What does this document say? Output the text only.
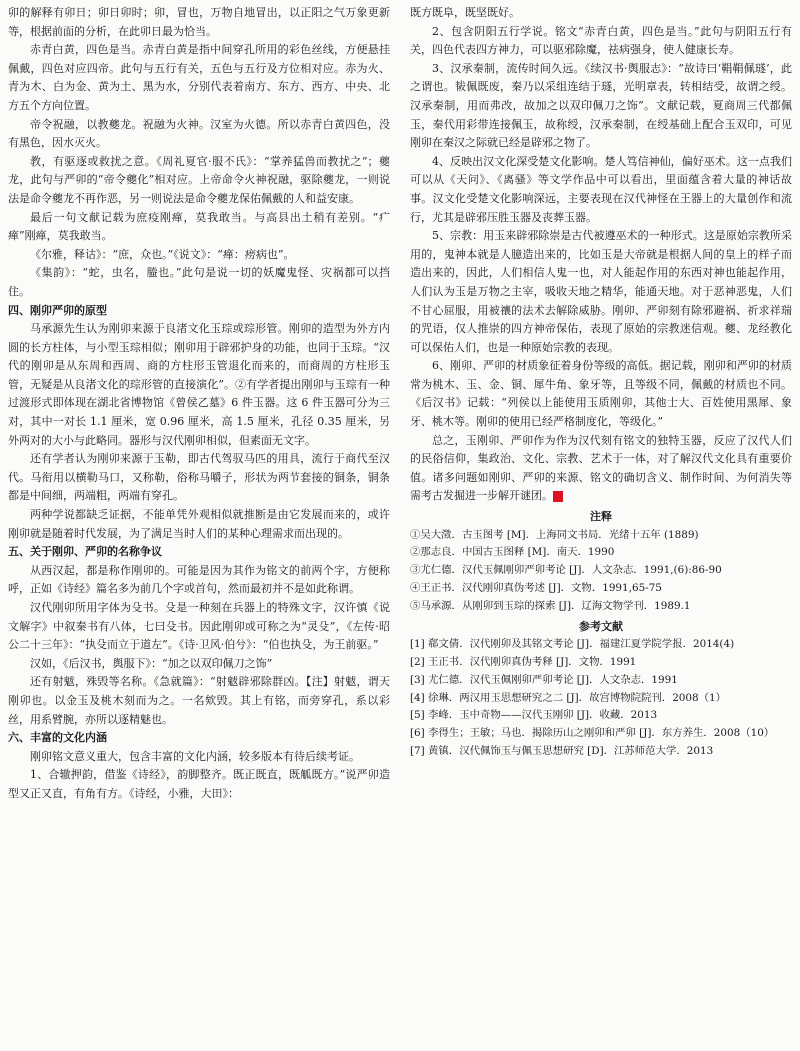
卯的解释有卯日；卯日卯时；卯，冒也，万物自地冒出，以正阳之气万象更新等，根据前面的分析，在此卯日最为恰当。

赤青白黄，四色是当。赤青白黄是指中间穿孔所用的彩色丝线，方便悬挂佩戴，四色对应四帝。此句与五行有关，五色与五行及方位相对应。赤为火、青为木、白为金、黄为土、黑为水，分别代表着南方、东方、西方、中央、北方五个方向位置。

帝令祝融，以教夔龙。祝融为火神。汉室为火德。所以赤青白黄四色，没有黑色，因水灭火。

教，有驱逐或救扰之意。《周礼夏官·服不氏》：“掌养猛兽而教扰之”；夔龙，此句与严卯的“帝令夔化”相对应。上帝命令火神祝融，驱除夔龙，一则说法是命令夔龙不再作恶，另一则说法是命令夔龙保佑佩戴的人和益安康。

最后一句文献记载为庶疫刚瘅，莫我敢当。与高县出土稍有差别。“疒瘅”刚瘅，莫我敢当。

《尔雅，释诂》：“庶，众也。”《说文》：“瘅：痨病也”。

《集韵》：“蛇，虫名，螣也。”此句是说一切的妖魔鬼怪、灾祸都可以挡住。

四、刚卯严卯的原型

马承源先生认为刚卯来源于良渚文化玉琮或琮形管。刚卯的造型为外方内圆的长方柱体，与小型玉琮相似；刚卯用于辟邪护身的功能，也同于玉琮。“汉代的刚卯是从东周和西周、商的方柱形玉管退化而来的，而商周的方柱形玉管，无疑是从良渚文化的琮形管的直接演化”。②有学者提出刚卯与玉琮有一种过渡形式即体现在湖北省博物馆《曾侯乙墓》6 件玉器。这 6 件玉器可分为三对，其中一对长 1.1 厘米，宽 0.96 厘米，高 1.5 厘米，孔径 0.35 厘米，另外两对的大小与此略同。器形与汉代刚卯相似，但素面无文字。

还有学者认为刚卯来源于玉勒，即古代驾驭马匹的用具，流行于商代至汉代。马衔用以横勒马口，又称勒，俗称马嚼子，形状为两节套接的铜条，铜条都是中间细，两端粗，两端有穿孔。

两种学说都缺乏证据，不能单凭外观相似就推断是由它发展而来的，或许刚卯就是随着时代发展，为了满足当时人们的某种心理需求而出现的。

五、关于刚卯、严卯的名称争议

从西汉起，都是称作刚卯的。可能是因为其作为铭文的前两个字，方便称呼，正如《诗经》篇名多为前几个字或首句，然而最初并不是如此称谓。

汉代刚卯所用字体为殳书。殳是一种刻在兵器上的特殊文字，汉许慎《说文解字》中叙秦书有八体，七曰殳书。因此刚卯或可称之为“灵殳”，《左传·昭公二十三年》：“执殳而立于道左”。《诗·卫风·伯兮》：“伯也执殳，为王前驱。”

汉如，《后汉书，舆服下》：“加之以双印佩刀之饰”

还有射魃，殊毁等名称。《急就篇》：“射魃辟邪除群凶。【注】射魃，谓天刚卯也。以金玉及桃木刻而为之。一名欸毁。其上有铭，而旁穿孔，系以彩丝，用系臂腕，亦所以逐精魅也。

六、丰富的文化内涵

刚卯铭文意义重大，包含丰富的文化内涵，较多版本有待后续考证。

1、合辙押韵，借鉴《诗经》，韵脚整齐。既正既直，既觚既方。”说严卯造型又正又直，有角有方。《诗经，小雅，大田》：

既方既阜，既坚既好。

2、包含阴阳五行学说。铭文“赤青白黄，四色是当。”此句与阴阳五行有关，四色代表四方神力，可以驱邪除魔，祛病强身，使人健康长寿。

3、汉承秦制，流传时间久远。《续汉书·舆服志》：“故诗曰‘鞙鞙佩璲’，此之谓也。韨佩既废，秦乃以采组连结于璲，光明章表，转相结受，故谓之绶。汉承秦制，用而弗改，故加之以双印佩刀之饰”。文献记载，夏商周三代都佩玉，秦代用彩带连接佩玉，故称绶，汉承秦制，在绶基础上配合玉双印，可见刚卯在秦汉之际就已经是辟邪之物了。

4、反映出汉文化深受楚文化影响。楚人笃信神仙，偏好巫术。这一点我们可以从《天问》、《离骚》等文学作品中可以看出，里面蕴含着大量的神话故事。汉文化受楚文化影响深远，主要表现在汉代神怪在王器上的大量创作和流行，尤其是辟邪压胜玉器及丧葬玉器。

5、宗教：用玉来辟邪除崇是古代被遵巫术的一种形式。这是原始宗教所采用的，鬼神本就是人臆造出来的，比如玉是大帝就是根据人间的皇上的样子而造出来的，因此，人们相信人鬼一也，对人能起作用的东西对神也能起作用，人们认为玉是万物之主宰，吸收天地之精华，能通天地。对于恶神恶鬼，人们不甘心屈服，用被禳的法术去解除威胁。刚卯、严卯刻有除邪避祸、祈求祥瑞的咒语，仅人推崇的四方神帝保佑，表现了原始的宗教迷信观。夔、龙经教化可以保佑人们，也是一种原始宗教的表现。

6、刚卯、严卯的材质象征着身份等级的高低。据记载，刚卯和严卯的材质常为桃木、玉、金、铜、犀牛角、象牙等，且等级不同，佩戴的材质也不同。《后汉书》记载：“列侯以上能使用玉质刚卯，其他士大、百姓使用黑犀、象牙、桃木等。刚卯的使用已经严格制度化，等级化。”

总之，玉刚卯、严卯作为作为汉代刻有铭文的独特玉器，反应了汉代人们的民俗信仰，集政治、文化、宗教、艺术于一体，对了解汉代文化具有重要价值。诸多问题如刚卯、严卯的来源、铭文的确切含义、制作时间、为何消失等需考古发掘进一步解开谜团。	图

注释
①吴大澂．古玉图考 [M]．上海同文书局．光绪十五年 (1889)
②那志良．中国古玉图释 [M]．南天．1990
③尤仁德．汉代玉佩刚卯严卯考论 [J]．人文杂志．1991,(6):86-90
④王正书．汉代刚卯真伪考述 [J]．文物．1991,65-75
⑤马承源．从刚卯到玉琮的探索 [J]．辽海文物学刊．1989.1
参考文献
[1] 郗文倩．汉代刚卯及其铭文考论 [J]．福建江夏学院学报．2014(4)
[2] 王正书．汉代刚卯真伪考释 [J]．文物．1991
[3] 尤仁德．汉代玉佩刚卯严卯考论 [J]．人文杂志．1991
[4] 徐琳．两汉用玉思想研究之二 [J]．故宫博物院院刊．2008（1）
[5] 李峰．玉中奇物——汉代玉刚卯 [J]．收藏．2013
[6] 李得生；王敏；马也．揭除历山之刚卯和严卯 [J]．东方养生．2008（10）
[7] 黄镇．汉代佩饰玉与佩玉思想研究 [D]．江苏师范大学．2013
